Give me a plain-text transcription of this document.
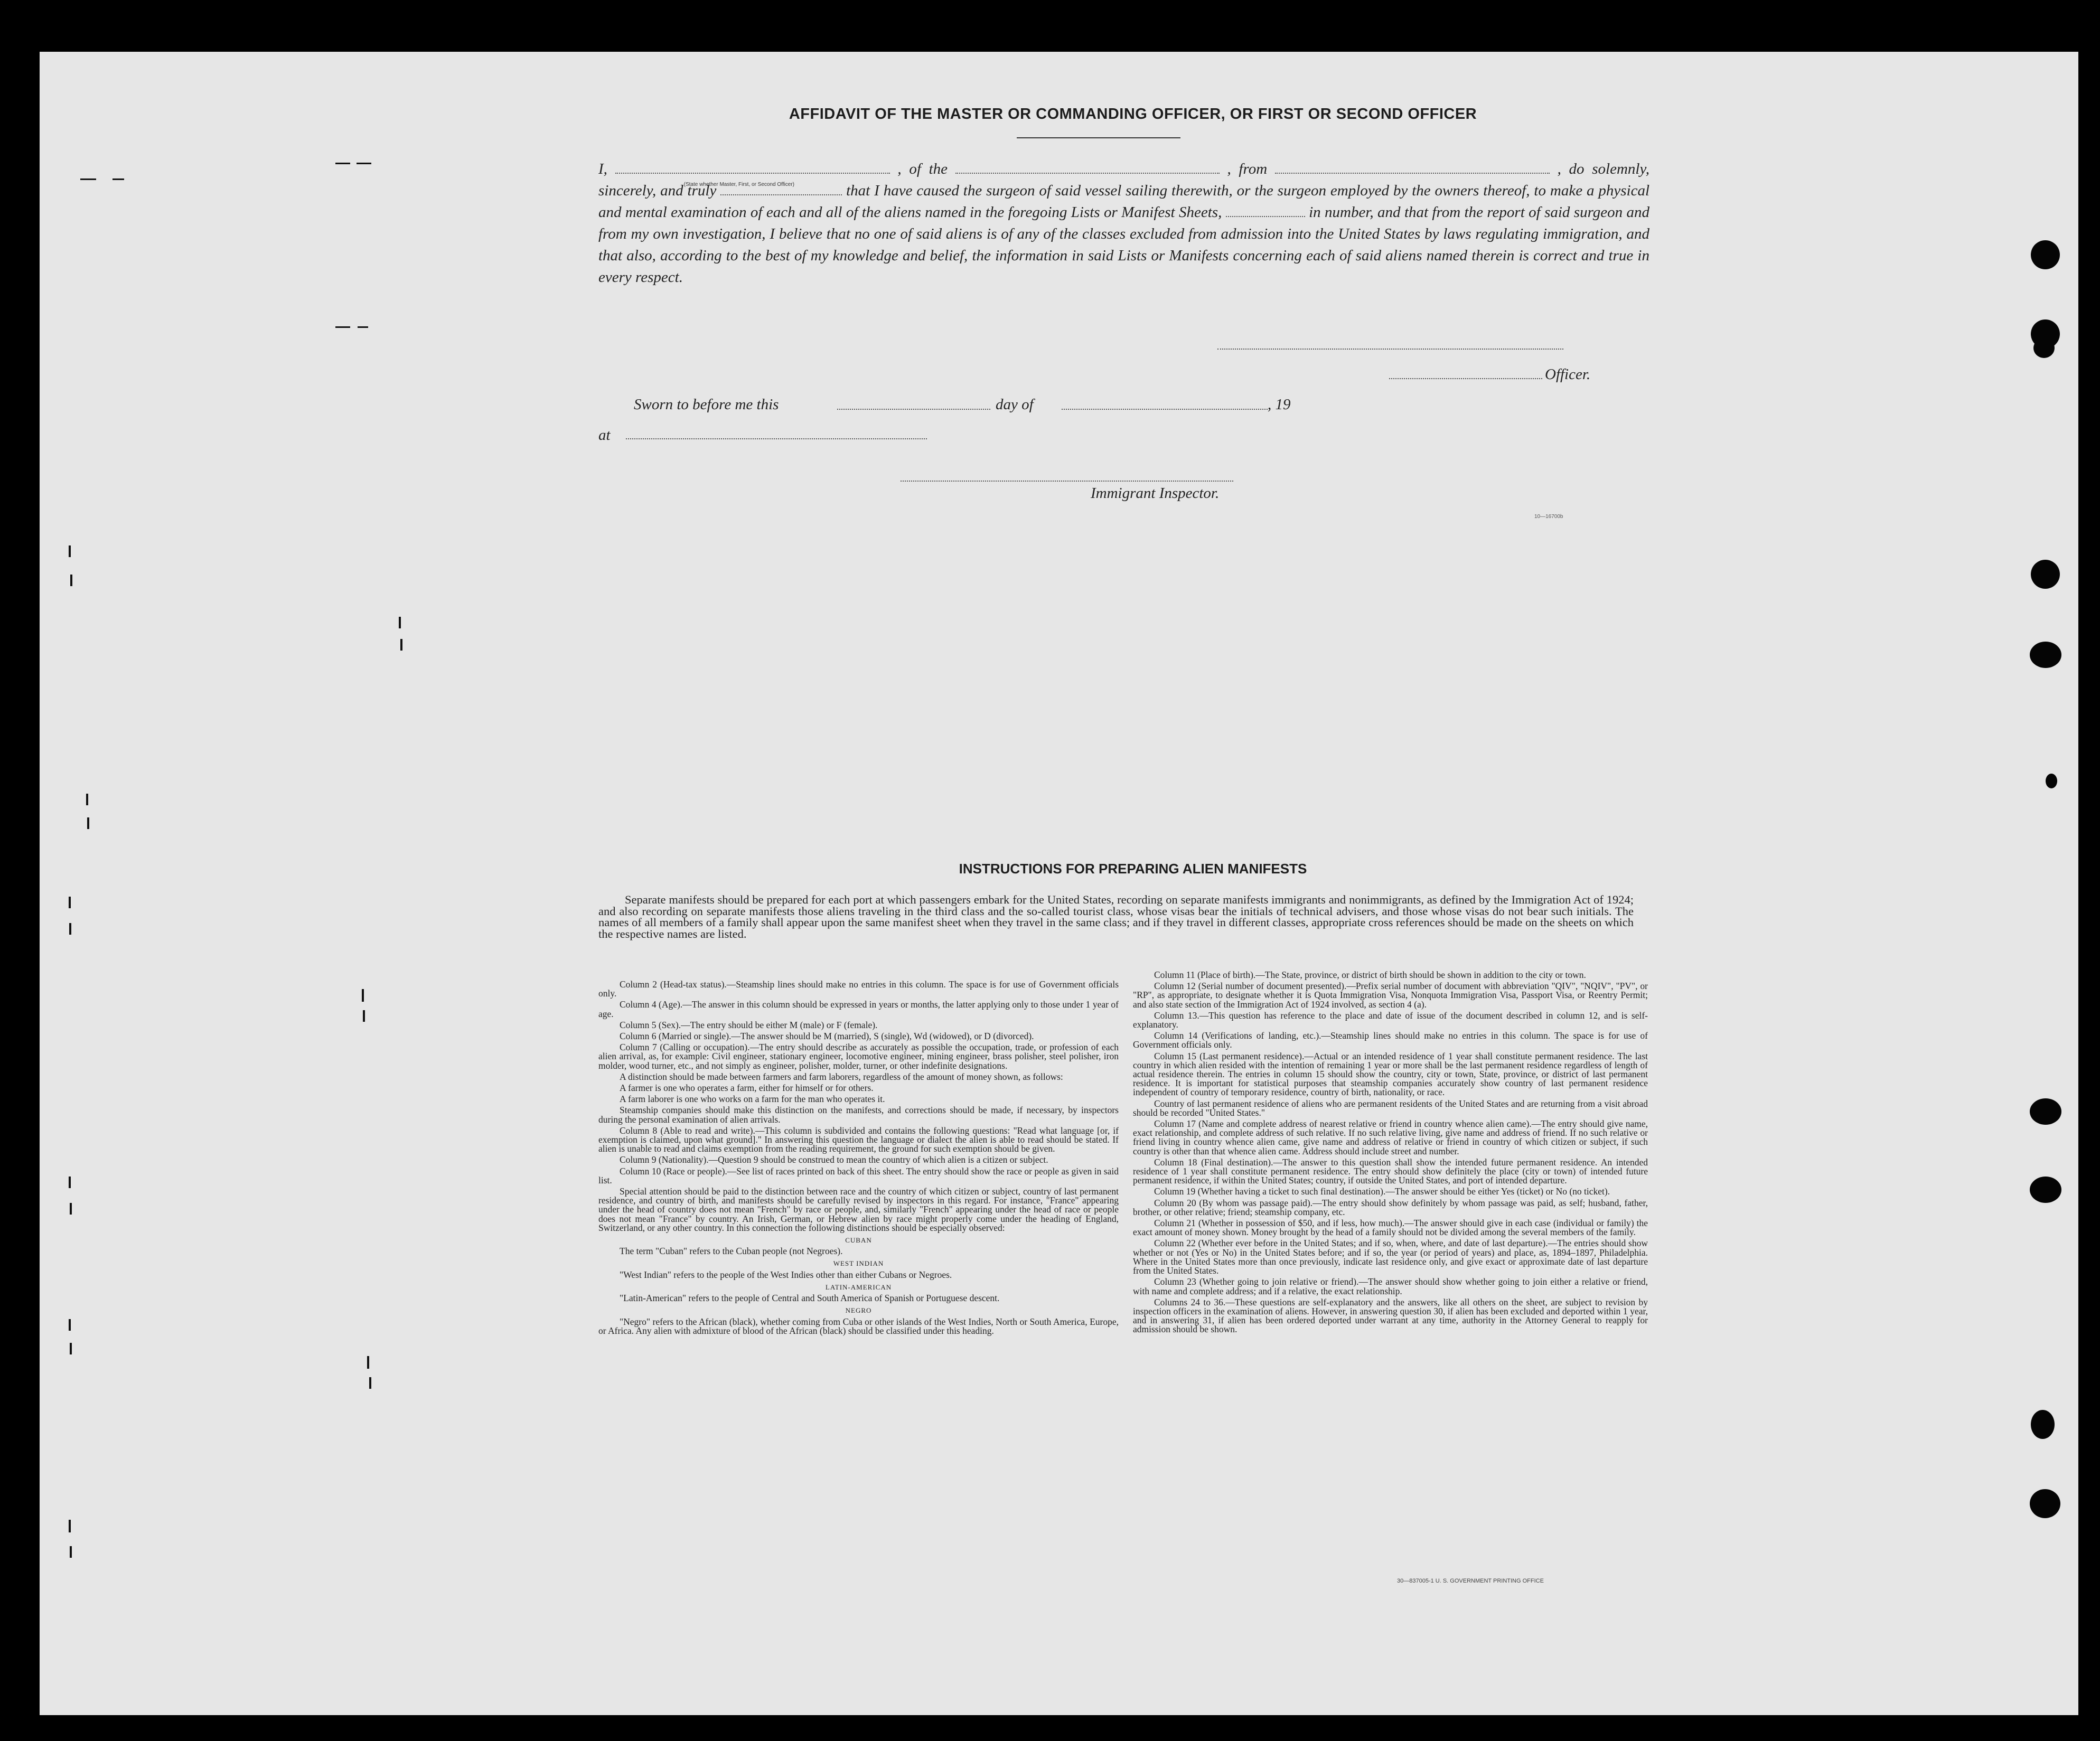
AFFIDAVIT OF THE MASTER OR COMMANDING OFFICER, OR FIRST OR SECOND OFFICER
I,
(State whether Master, First, or Second Officer)
, of the	, from	, do solemnly, sincerely, and truly	that I have caused the surgeon of said vessel sailing therewith, or the surgeon employed by the owners thereof, to make a physical and mental examination of each and all of the aliens named in the foregoing Lists or Manifest Sheets,	in number, and that from the report of said surgeon and from my own investigation, I believe that no one of said aliens is of any of the classes excluded from admission into the United States by laws regulating immigration, and that also, according to the best of my knowledge and belief, the information in said Lists or Manifests concerning each of said aliens named therein is correct and true in every respect.
Officer.
Sworn to before me this	day of	, 19
at
Immigrant Inspector.
10—16700b
INSTRUCTIONS FOR PREPARING ALIEN MANIFESTS
Separate manifests should be prepared for each port at which passengers embark for the United States, recording on separate manifests immigrants and nonimmigrants, as defined by the Immigration Act of 1924; and also recording on separate manifests those aliens traveling in the third class and the so-called tourist class, whose visas bear the initials of technical advisers, and those whose visas do not bear such initials. The names of all members of a family shall appear upon the same manifest sheet when they travel in the same class; and if they travel in different classes, appropriate cross references should be made on the sheets on which the respective names are listed.

Column 2 (Head-tax status).—Steamship lines should make no entries in this column. The space is for use of Government officials only.

Column 4 (Age).—The answer in this column should be expressed in years or months, the latter applying only to those under 1 year of age.

Column 5 (Sex).—The entry should be either M (male) or F (female).

Column 6 (Married or single).—The answer should be M (married), S (single), Wd (widowed), or D (divorced).

Column 7 (Calling or occupation).—The entry should describe as accurately as possible the occupation, trade, or profession of each alien arrival, as, for example: Civil engineer, stationary engineer, locomotive engineer, mining engineer, brass polisher, steel polisher, iron molder, wood turner, etc., and not simply as engineer, polisher, molder, turner, or other indefinite designations.

A distinction should be made between farmers and farm laborers, regardless of the amount of money shown, as follows:

A farmer is one who operates a farm, either for himself or for others.

A farm laborer is one who works on a farm for the man who operates it.

Steamship companies should make this distinction on the manifests, and corrections should be made, if necessary, by inspectors during the personal examination of alien arrivals.

Column 8 (Able to read and write).—This column is subdivided and contains the following questions: "Read what language [or, if exemption is claimed, upon what ground]." In answering this question the language or dialect the alien is able to read should be stated. If alien is unable to read and claims exemption from the reading requirement, the ground for such exemption should be given.

Column 9 (Nationality).—Question 9 should be construed to mean the country of which alien is a citizen or subject.

Column 10 (Race or people).—See list of races printed on back of this sheet. The entry should show the race or people as given in said list.

Special attention should be paid to the distinction between race and the country of which citizen or subject, country of last permanent residence, and country of birth, and manifests should be carefully revised by inspectors in this regard. For instance, "France" appearing under the head of country does not mean "French" by race or people, and, similarly "French" appearing under the head of race or people does not mean "France" by country. An Irish, German, or Hebrew alien by race might properly come under the heading of England, Switzerland, or any other country. In this connection the following distinctions should be especially observed:

CUBAN

The term "Cuban" refers to the Cuban people (not Negroes).

WEST INDIAN

"West Indian" refers to the people of the West Indies other than either Cubans or Negroes.

LATIN-AMERICAN

"Latin-American" refers to the people of Central and South America of Spanish or Portuguese descent.

NEGRO

"Negro" refers to the African (black), whether coming from Cuba or other islands of the West Indies, North or South America, Europe, or Africa. Any alien with admixture of blood of the African (black) should be classified under this heading.

Column 11 (Place of birth).—The State, province, or district of birth should be shown in addition to the city or town.

Column 12 (Serial number of document presented).—Prefix serial number of document with abbreviation "QIV", "NQIV", "PV", or "RP", as appropriate, to designate whether it is Quota Immigration Visa, Nonquota Immigration Visa, Passport Visa, or Reentry Permit; and also state section of the Immigration Act of 1924 involved, as section 4 (a).

Column 13.—This question has reference to the place and date of issue of the document described in column 12, and is self-explanatory.

Column 14 (Verifications of landing, etc.).—Steamship lines should make no entries in this column. The space is for use of Government officials only.

Column 15 (Last permanent residence).—Actual or an intended residence of 1 year shall constitute permanent residence. The last country in which alien resided with the intention of remaining 1 year or more shall be the last permanent residence regardless of length of actual residence therein. The entries in column 15 should show the country, city or town, State, province, or district of last permanent residence. It is important for statistical purposes that steamship companies accurately show country of last permanent residence independent of country of temporary residence, country of birth, nationality, or race.

Country of last permanent residence of aliens who are permanent residents of the United States and are returning from a visit abroad should be recorded "United States."

Column 17 (Name and complete address of nearest relative or friend in country whence alien came).—The entry should give name, exact relationship, and complete address of such relative. If no such relative living, give name and address of friend. If no such relative or friend living in country whence alien came, give name and address of relative or friend in country of which citizen or subject, if such country is other than that whence alien came. Address should include street and number.

Column 18 (Final destination).—The answer to this question shall show the intended future permanent residence. An intended residence of 1 year shall constitute permanent residence. The entry should show definitely the place (city or town) of intended future permanent residence, if within the United States; country, if outside the United States, and port of intended departure.

Column 19 (Whether having a ticket to such final destination).—The answer should be either Yes (ticket) or No (no ticket).

Column 20 (By whom was passage paid).—The entry should show definitely by whom passage was paid, as self; husband, father, brother, or other relative; friend; steamship company, etc.

Column 21 (Whether in possession of $50, and if less, how much).—The answer should give in each case (individual or family) the exact amount of money shown. Money brought by the head of a family should not be divided among the several members of the family.

Column 22 (Whether ever before in the United States; and if so, when, where, and date of last departure).—The entries should show whether or not (Yes or No) in the United States before; and if so, the year (or period of years) and place, as, 1894–1897, Philadelphia. Where in the United States more than once previously, indicate last residence only, and give exact or approximate date of last departure from the United States.

Column 23 (Whether going to join relative or friend).—The answer should show whether going to join either a relative or friend, with name and complete address; and if a relative, the exact relationship.

Columns 24 to 36.—These questions are self-explanatory and the answers, like all others on the sheet, are subject to revision by inspection officers in the examination of aliens. However, in answering question 30, if alien has been excluded and deported within 1 year, and in answering 31, if alien has been ordered deported under warrant at any time, authority in the Attorney General to reapply for admission should be shown.

30—837005-1 U. S. GOVERNMENT PRINTING OFFICE
